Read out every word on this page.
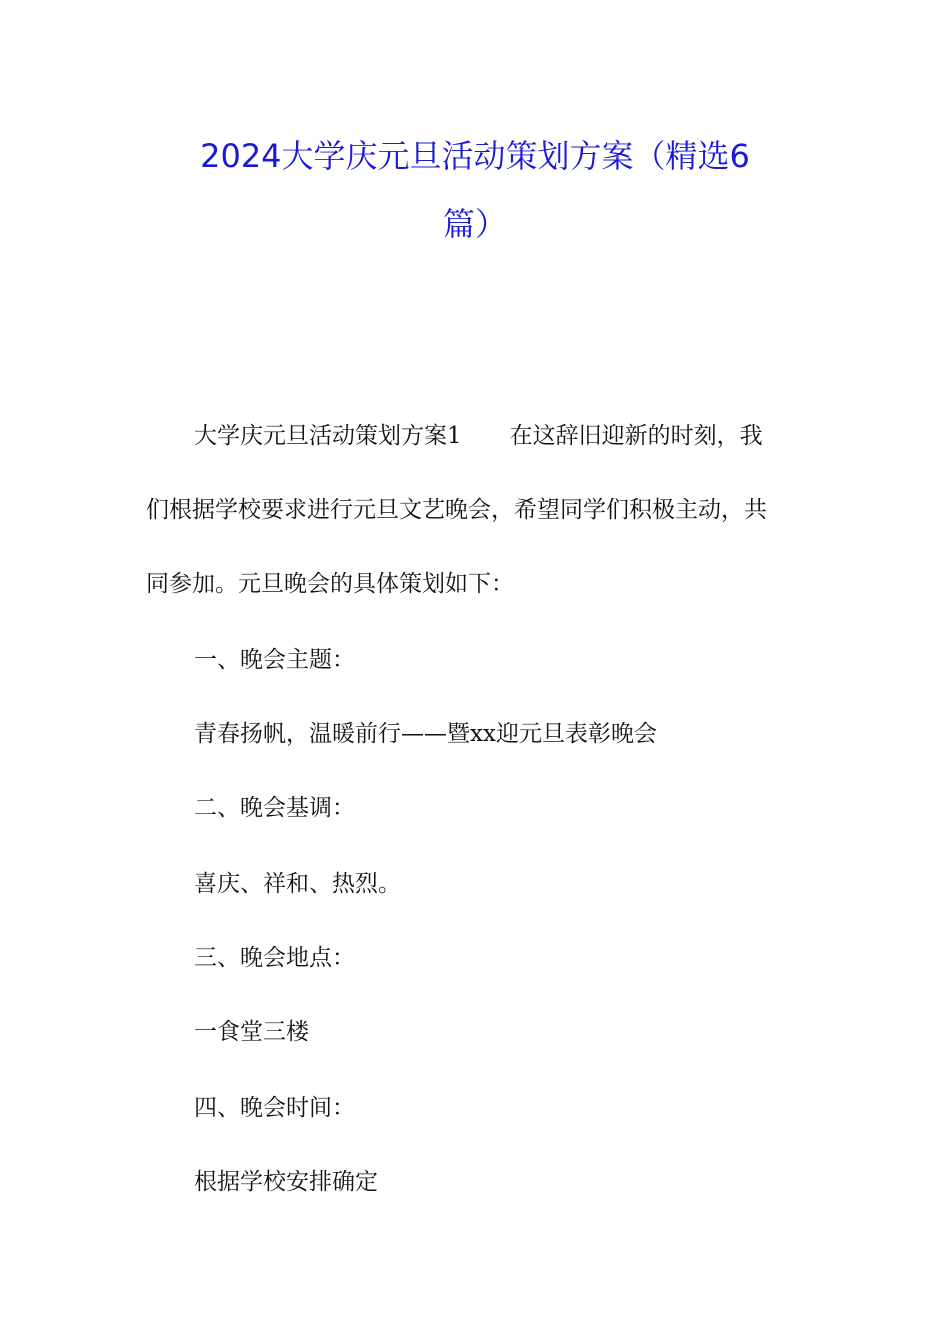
2024大学庆元旦活动策划方案（精选6
篇）
大学庆元旦活动策划方案1 在这辞旧迎新的时刻，我
们根据学校要求进行元旦文艺晚会，希望同学们积极主动，共
同参加。元旦晚会的具体策划如下：
一、晚会主题：
青春扬帆，温暖前行——暨xx迎元旦表彰晚会
二、晚会基调：
喜庆、祥和、热烈。
三、晚会地点：
一食堂三楼
四、晚会时间：
根据学校安排确定
